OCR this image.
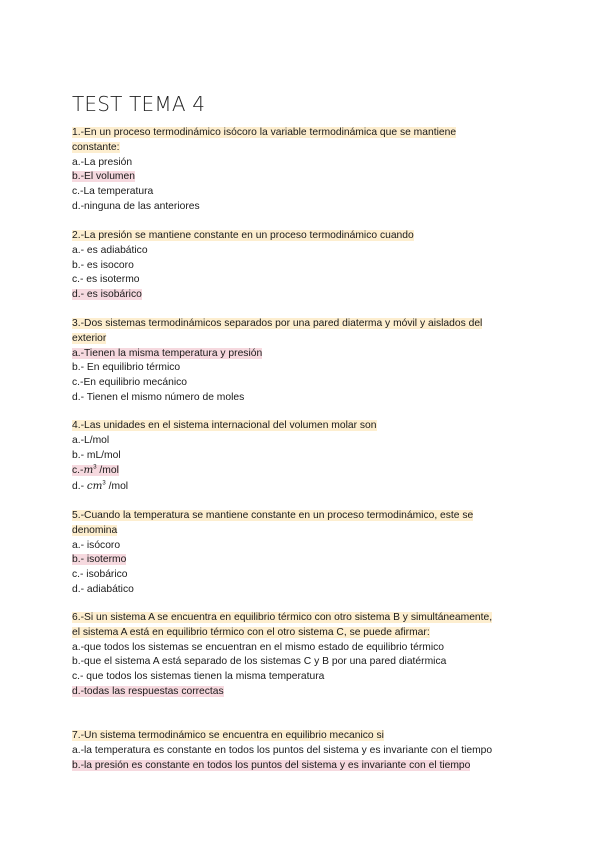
TEST TEMA 4
1.-En un proceso termodinámico isócoro la variable termodinámica que se mantiene
constante:
a.-La presión
b.-El volumen
c.-La temperatura
d.-ninguna de las anteriores
2.-La presión se mantiene constante en un proceso termodinámico cuando
a.- es adiabático
b.- es isocoro
c.- es isotermo
d.- es isobárico
3.-Dos sistemas termodinámicos separados por una pared diaterma y móvil y aislados del
exterior
a.-Tienen la misma temperatura y presión
b.- En equilibrio térmico
c.-En equilibrio mecánico
d.- Tienen el mismo número de moles
4.-Las unidades en el sistema internacional del volumen molar son
a.-L/mol
b.- mL/mol
$c.-m^3$ /mol
d.- $cm^3$ /mol
5.-Cuando la temperatura se mantiene constante en un proceso termodinámico, este se
denomina
a.- isócoro
b.- isotermo
c.- isobárico
d.- adiabático
6.-Si un sistema A se encuentra en equilibrio térmico con otro sistema B y simultáneamente,
el sistema A está en equilibrio térmico con el otro sistema C, se puede afirmar:
a.-que todos los sistemas se encuentran en el mismo estado de equilibrio térmico
b.-que el sistema A está separado de los sistemas C y B por una pared diatérmica
c.- que todos los sistemas tienen la misma temperatura
d.-todas las respuestas correctas
7.-Un sistema termodinámico se encuentra en equilibrio mecanico si
a.-la temperatura es constante en todos los puntos del sistema y es invariante con el tiempo
b.-la presión es constante en todos los puntos del sistema y es invariante con el tiempo
